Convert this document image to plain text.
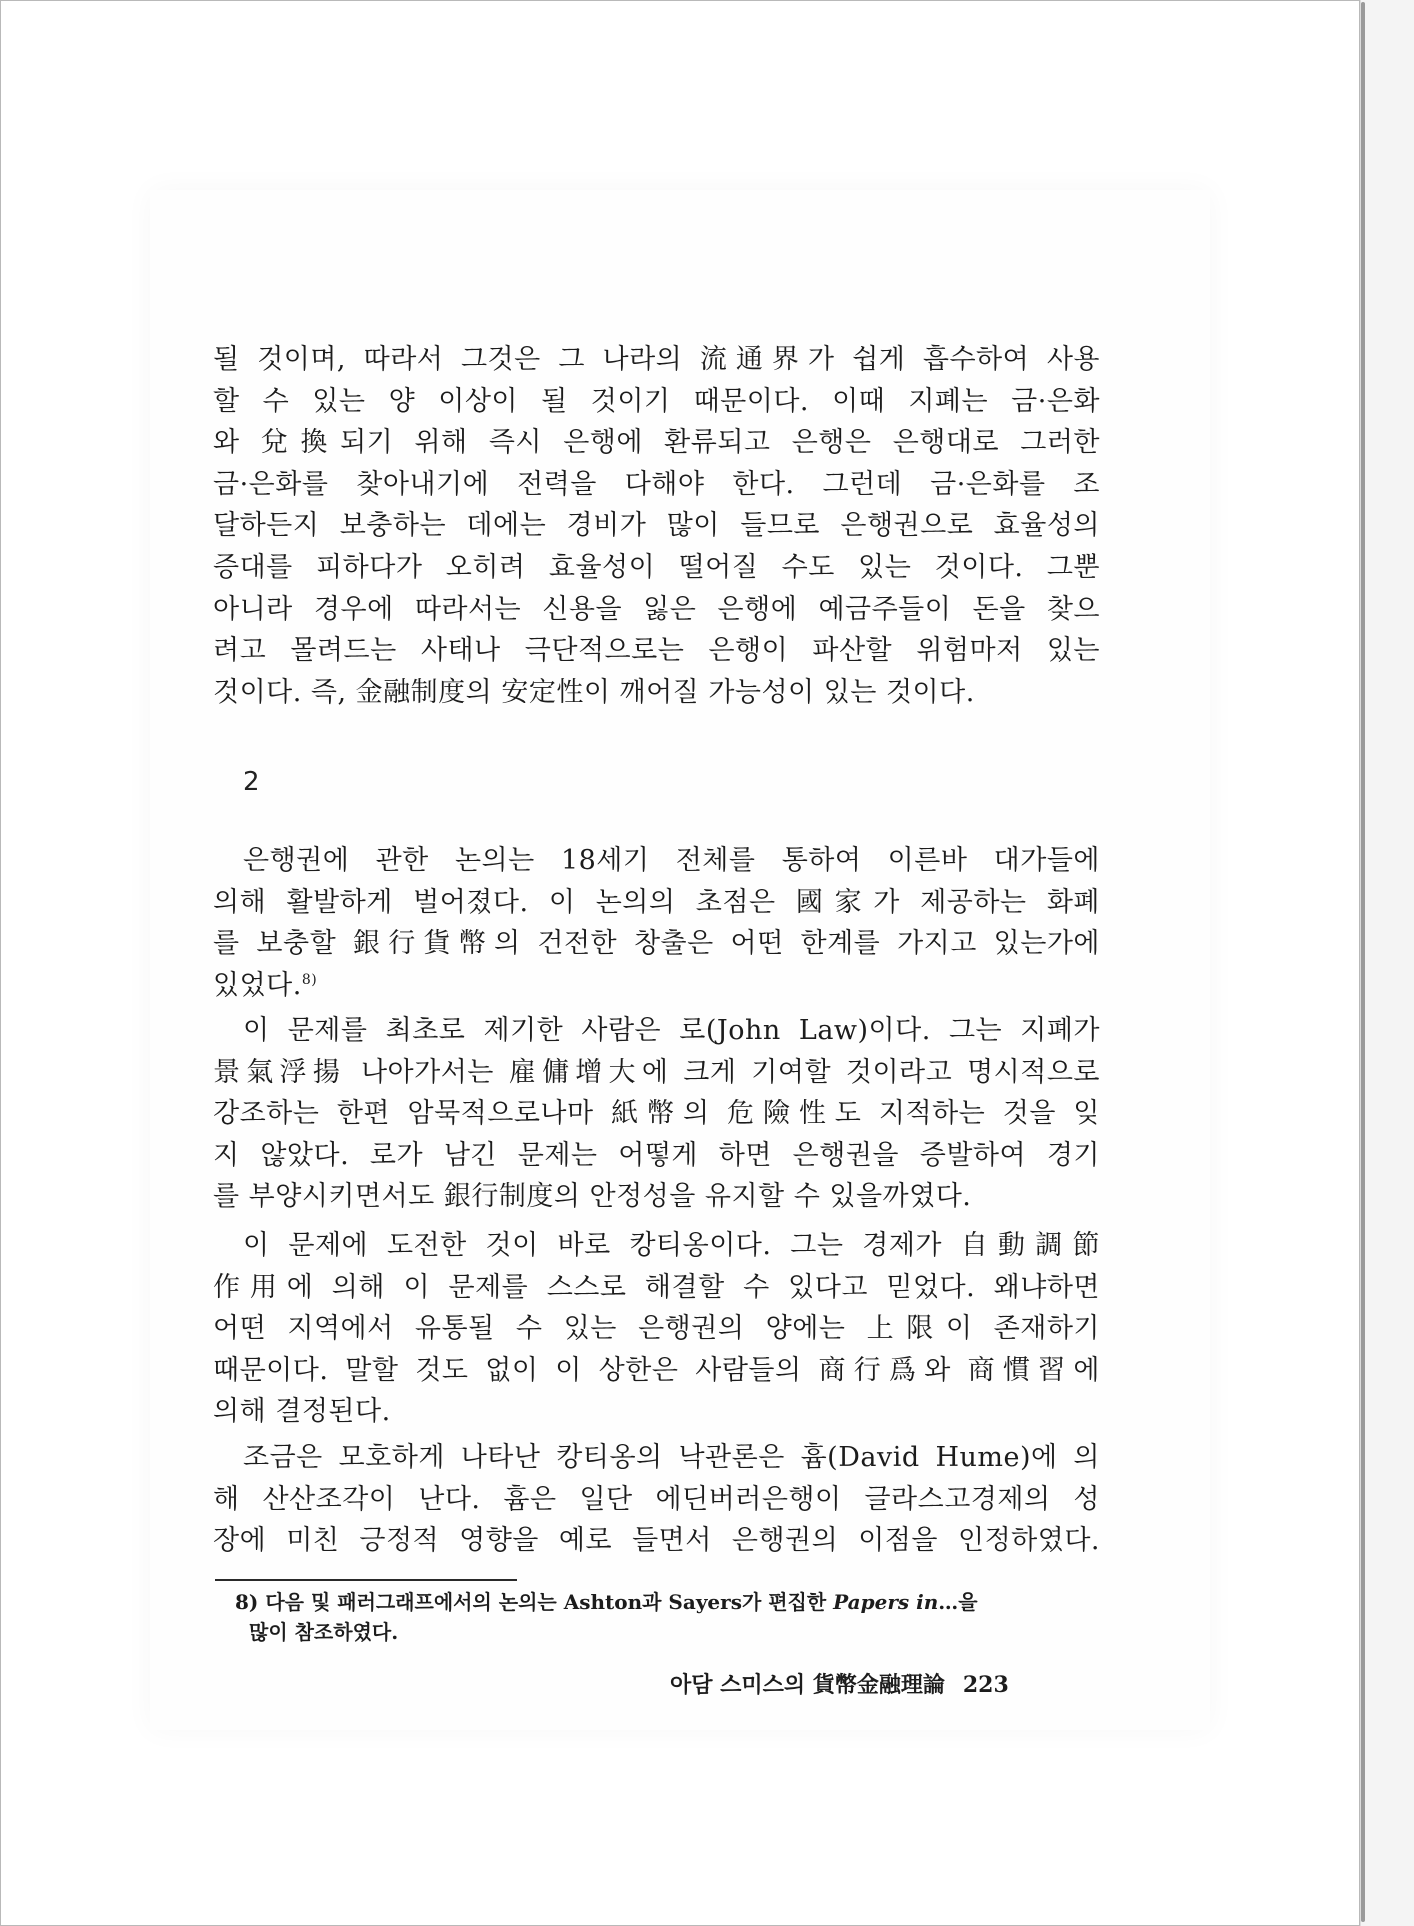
될 것이며, 따라서 그것은 그 나라의 流通界가 쉽게 흡수하여 사용
할 수 있는 양 이상이 될 것이기 때문이다. 이때 지폐는 금·은화
와 兌換되기 위해 즉시 은행에 환류되고 은행은 은행대로 그러한
금·은화를 찾아내기에 전력을 다해야 한다. 그런데 금·은화를 조
달하든지 보충하는 데에는 경비가 많이 들므로 은행권으로 효율성의
증대를 피하다가 오히려 효율성이 떨어질 수도 있는 것이다. 그뿐
아니라 경우에 따라서는 신용을 잃은 은행에 예금주들이 돈을 찾으
려고 몰려드는 사태나 극단적으로는 은행이 파산할 위험마저 있는
것이다. 즉, 金融制度의 安定性이 깨어질 가능성이 있는 것이다.
2
은행권에 관한 논의는 18세기 전체를 통하여 이른바 대가들에
의해 활발하게 벌어졌다. 이 논의의 초점은 國家가 제공하는 화폐
를 보충할 銀行貨幣의 건전한 창출은 어떤 한계를 가지고 있는가에
있었다.$^{8)}$
이 문제를 최초로 제기한 사람은 로(John Law)이다. 그는 지폐가
景氣浮揚 나아가서는 雇傭增大에 크게 기여할 것이라고 명시적으로
강조하는 한편 암묵적으로나마 紙幣의 危險性도 지적하는 것을 잊
지 않았다. 로가 남긴 문제는 어떻게 하면 은행권을 증발하여 경기
를 부양시키면서도 銀行制度의 안정성을 유지할 수 있을까였다.
이 문제에 도전한 것이 바로 캉티옹이다. 그는 경제가 自動調節
作用에 의해 이 문제를 스스로 해결할 수 있다고 믿었다. 왜냐하면
어떤 지역에서 유통될 수 있는 은행권의 양에는 上限이 존재하기
때문이다. 말할 것도 없이 이 상한은 사람들의 商行爲와 商慣習에
의해 결정된다.
조금은 모호하게 나타난 캉티옹의 낙관론은 흄(David Hume)에 의
해 산산조각이 난다. 흄은 일단 에딘버러은행이 글라스고경제의 성
장에 미친 긍정적 영향을 예로 들면서 은행권의 이점을 인정하였다.
8) 다음 및 패러그래프에서의 논의는 Ashton과 Sayers가 편집한 Papers in…을
많이 참조하였다.
아담 스미스의 貨幣金融理論 223
